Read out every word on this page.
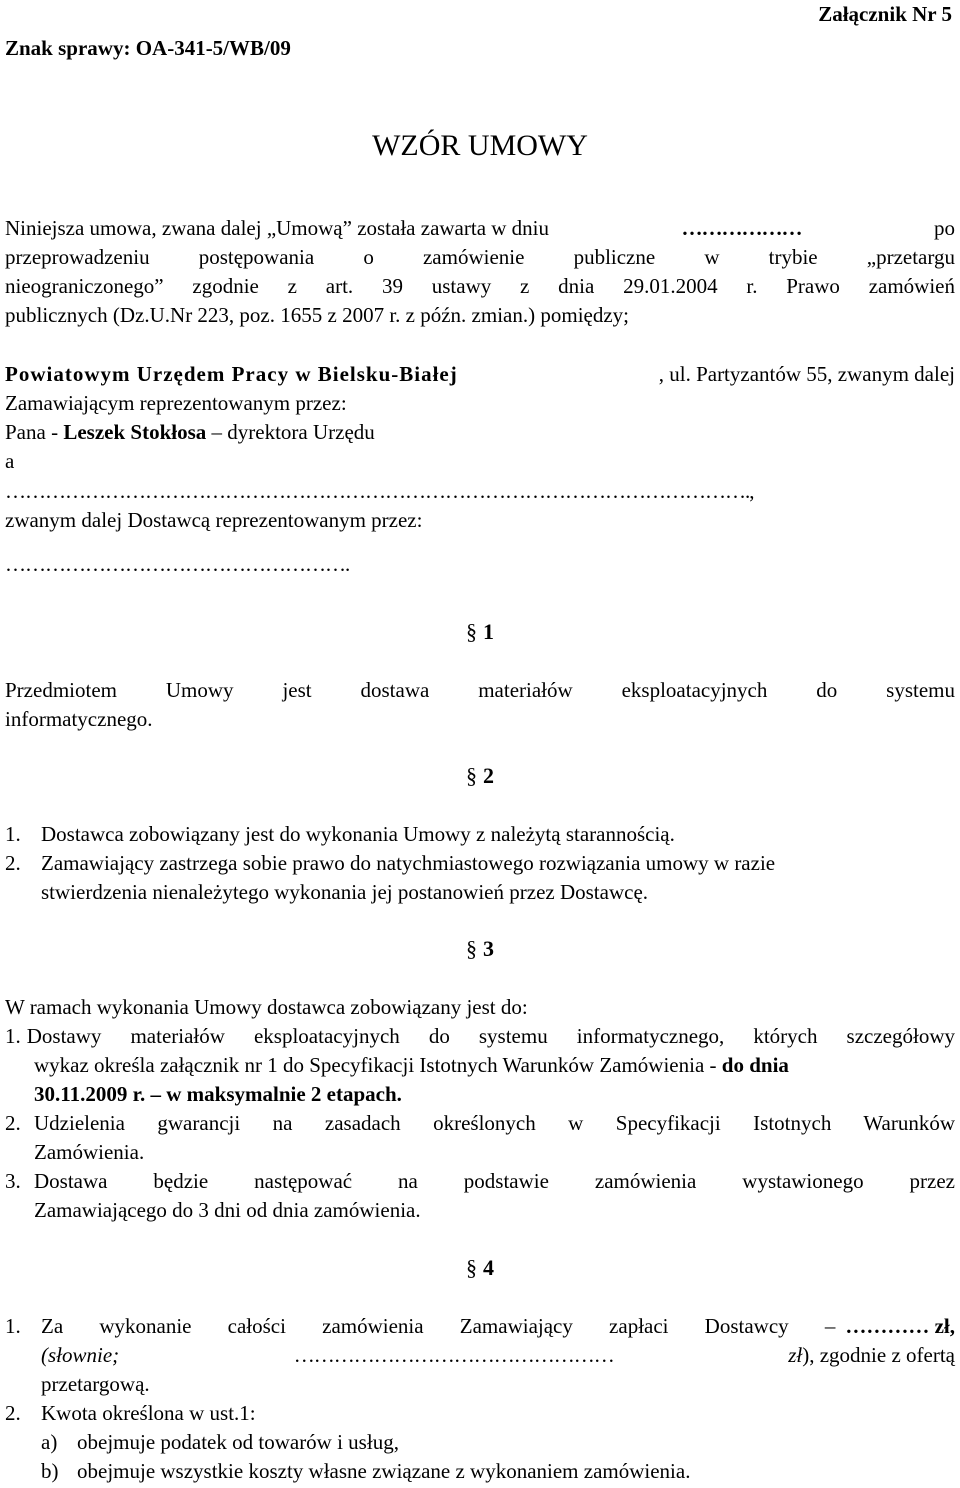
Załącznik Nr 5
Znak sprawy: OA-341-5/WB/09
WZÓR UMOWY
Niniejsza umowa, zwana dalej „Umową” została zawarta w dniu	………………	po
przeprowadzeniu postępowania o zamówienie publiczne w trybie „przetargu
nieograniczonego” zgodnie z art. 39 ustawy z dnia 29.01.2004 r. Prawo zamówień
publicznych (Dz.U.Nr 223, poz. 1655 z 2007 r. z późn. zmian.) pomiędzy;
Powiatowym Urzędem Pracy w Bielsku-Białej	, ul. Partyzantów 55, zwanym dalej
Zamawiającym reprezentowanym przez:
Pana - Leszek Stokłosa – dyrektora Urzędu
a
………………………………………………………………………………………………….,
zwanym dalej Dostawcą reprezentowanym przez:
…………………………………………….
§ 1
Przedmiotem Umowy jest dostawa materiałów eksploatacyjnych do systemu
informatycznego.
§ 2
1. Dostawca zobowiązany jest do wykonania Umowy z należytą starannością.
2. Zamawiający zastrzega sobie prawo do natychmiastowego rozwiązania umowy w razie
stwierdzenia nienależytego wykonania jej postanowień przez Dostawcę.
§ 3
W ramach wykonania Umowy dostawca zobowiązany jest do:
1. Dostawy materiałów eksploatacyjnych do systemu informatycznego, których szczegółowy
wykaz określa załącznik nr 1 do Specyfikacji Istotnych Warunków Zamówienia - do dnia
30.11.2009 r. – w maksymalnie 2 etapach.
2. Udzielenia gwarancji na zasadach określonych w Specyfikacji Istotnych Warunków
Zamówienia.
3. Dostawa będzie następować na podstawie zamówienia wystawionego przez
Zamawiającego do 3 dni od dnia zamówienia.
§ 4
1. Za wykonanie całości zamówienia Zamawiający zapłaci Dostawcy – ………… zł,
(słownie;	…………………………………………	zł), zgodnie z ofertą
przetargową.
2. Kwota określona w ust.1:
a) obejmuje podatek od towarów i usług,
b) obejmuje wszystkie koszty własne związane z wykonaniem zamówienia.
